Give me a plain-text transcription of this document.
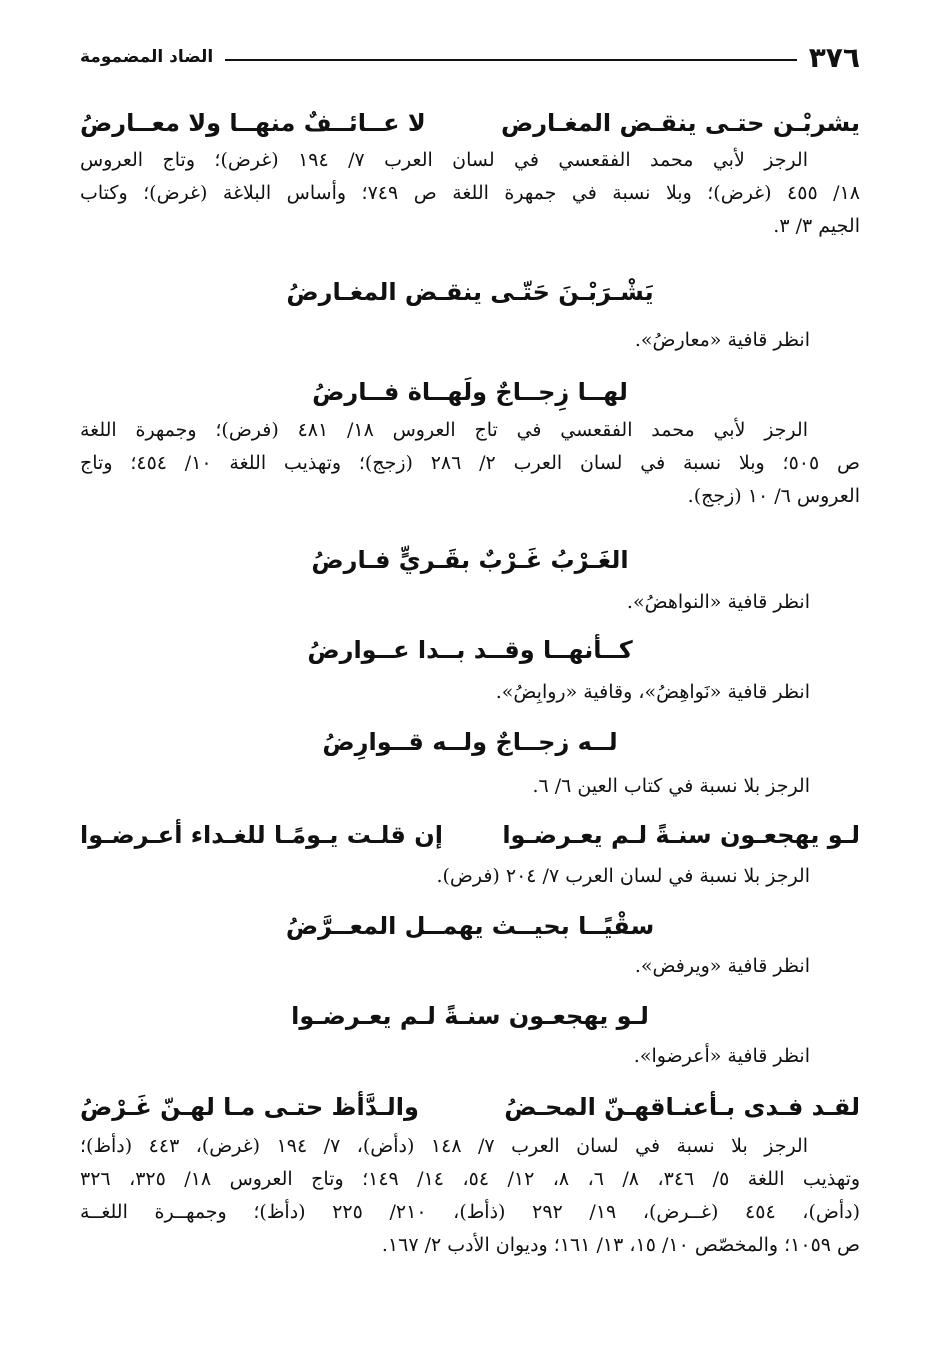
٣٧٦
الضاد المضمومة
يشربْـن حتـى ينقـض المغـارض
لا عــائــفٌ منهــا ولا معــارضُ
الرجز لأبي محمد الفقعسي في لسان العرب ٧/ ١٩٤ (غرض)؛ وتاج العروس
١٨/ ٤٥٥ (غرض)؛ وبلا نسبة في جمهرة اللغة ص ٧٤٩؛ وأساس البلاغة (غرض)؛ وكتاب
الجيم ٣/ ٣.
يَشْـرَبْـنَ حَتّـى ينقـض المغـارضُ
انظر قافية «معارضُ».
لهــا زِجــاجٌ ولَهــاة فــارضُ
الرجز لأبي محمد الفقعسي في تاج العروس ١٨/ ٤٨١ (فرض)؛ وجمهرة اللغة
ص ٥٠٥؛ وبلا نسبة في لسان العرب ٢/ ٢٨٦ (زجج)؛ وتهذيب اللغة ١٠/ ٤٥٤؛ وتاج
العروس ٦/ ١٠ (زجج).
الغَـرْبُ غَـرْبٌ بقَـريٍّ فـارضُ
انظر قافية «النواهضُ».
كــأنهــا وقــد بــدا عــوارضُ
انظر قافية «نَواهِضُ»، وقافية «روابِضُ».
لــه زجــاجٌ ولــه قــوارِضُ
الرجز بلا نسبة في كتاب العين ٦/ ٦.
لـو يهجعـون سنـةً لـم يعـرضـوا
إن قلـت يـومًـا للغـداء أعـرضـوا
الرجز بلا نسبة في لسان العرب ٧/ ٢٠٤ (فرض).
سقْيًــا بحيــث يهمــل المعــرَّضُ
انظر قافية «ويرفض».
لـو يهجعـون سنـةً لـم يعـرضـوا
انظر قافية «أعرضوا».
لقـد فـدى بـأعنـاقهـنّ المحـضُ
والـدَّأظ حتـى مـا لهـنّ غَـرْضُ
الرجز بلا نسبة في لسان العرب ٧/ ١٤٨ (دأض)، ٧/ ١٩٤ (غرض)، ٤٤٣ (دأظ)؛
وتهذيب اللغة ٥/ ٣٤٦، ٨/ ٦، ٨، ١٢/ ٥٤، ١٤/ ١٤٩؛ وتاج العروس ١٨/ ٣٢٥، ٣٢٦
(دأض)، ٤٥٤ (غــرض)، ١٩/ ٢٩٢ (ذأط)، ٢١٠/ ٢٢٥ (دأظ)؛ وجمهــرة اللغــة
ص ١٠٥٩؛ والمخصّص ١٠/ ١٥، ١٣/ ١٦١؛ وديوان الأدب ٢/ ١٦٧.
